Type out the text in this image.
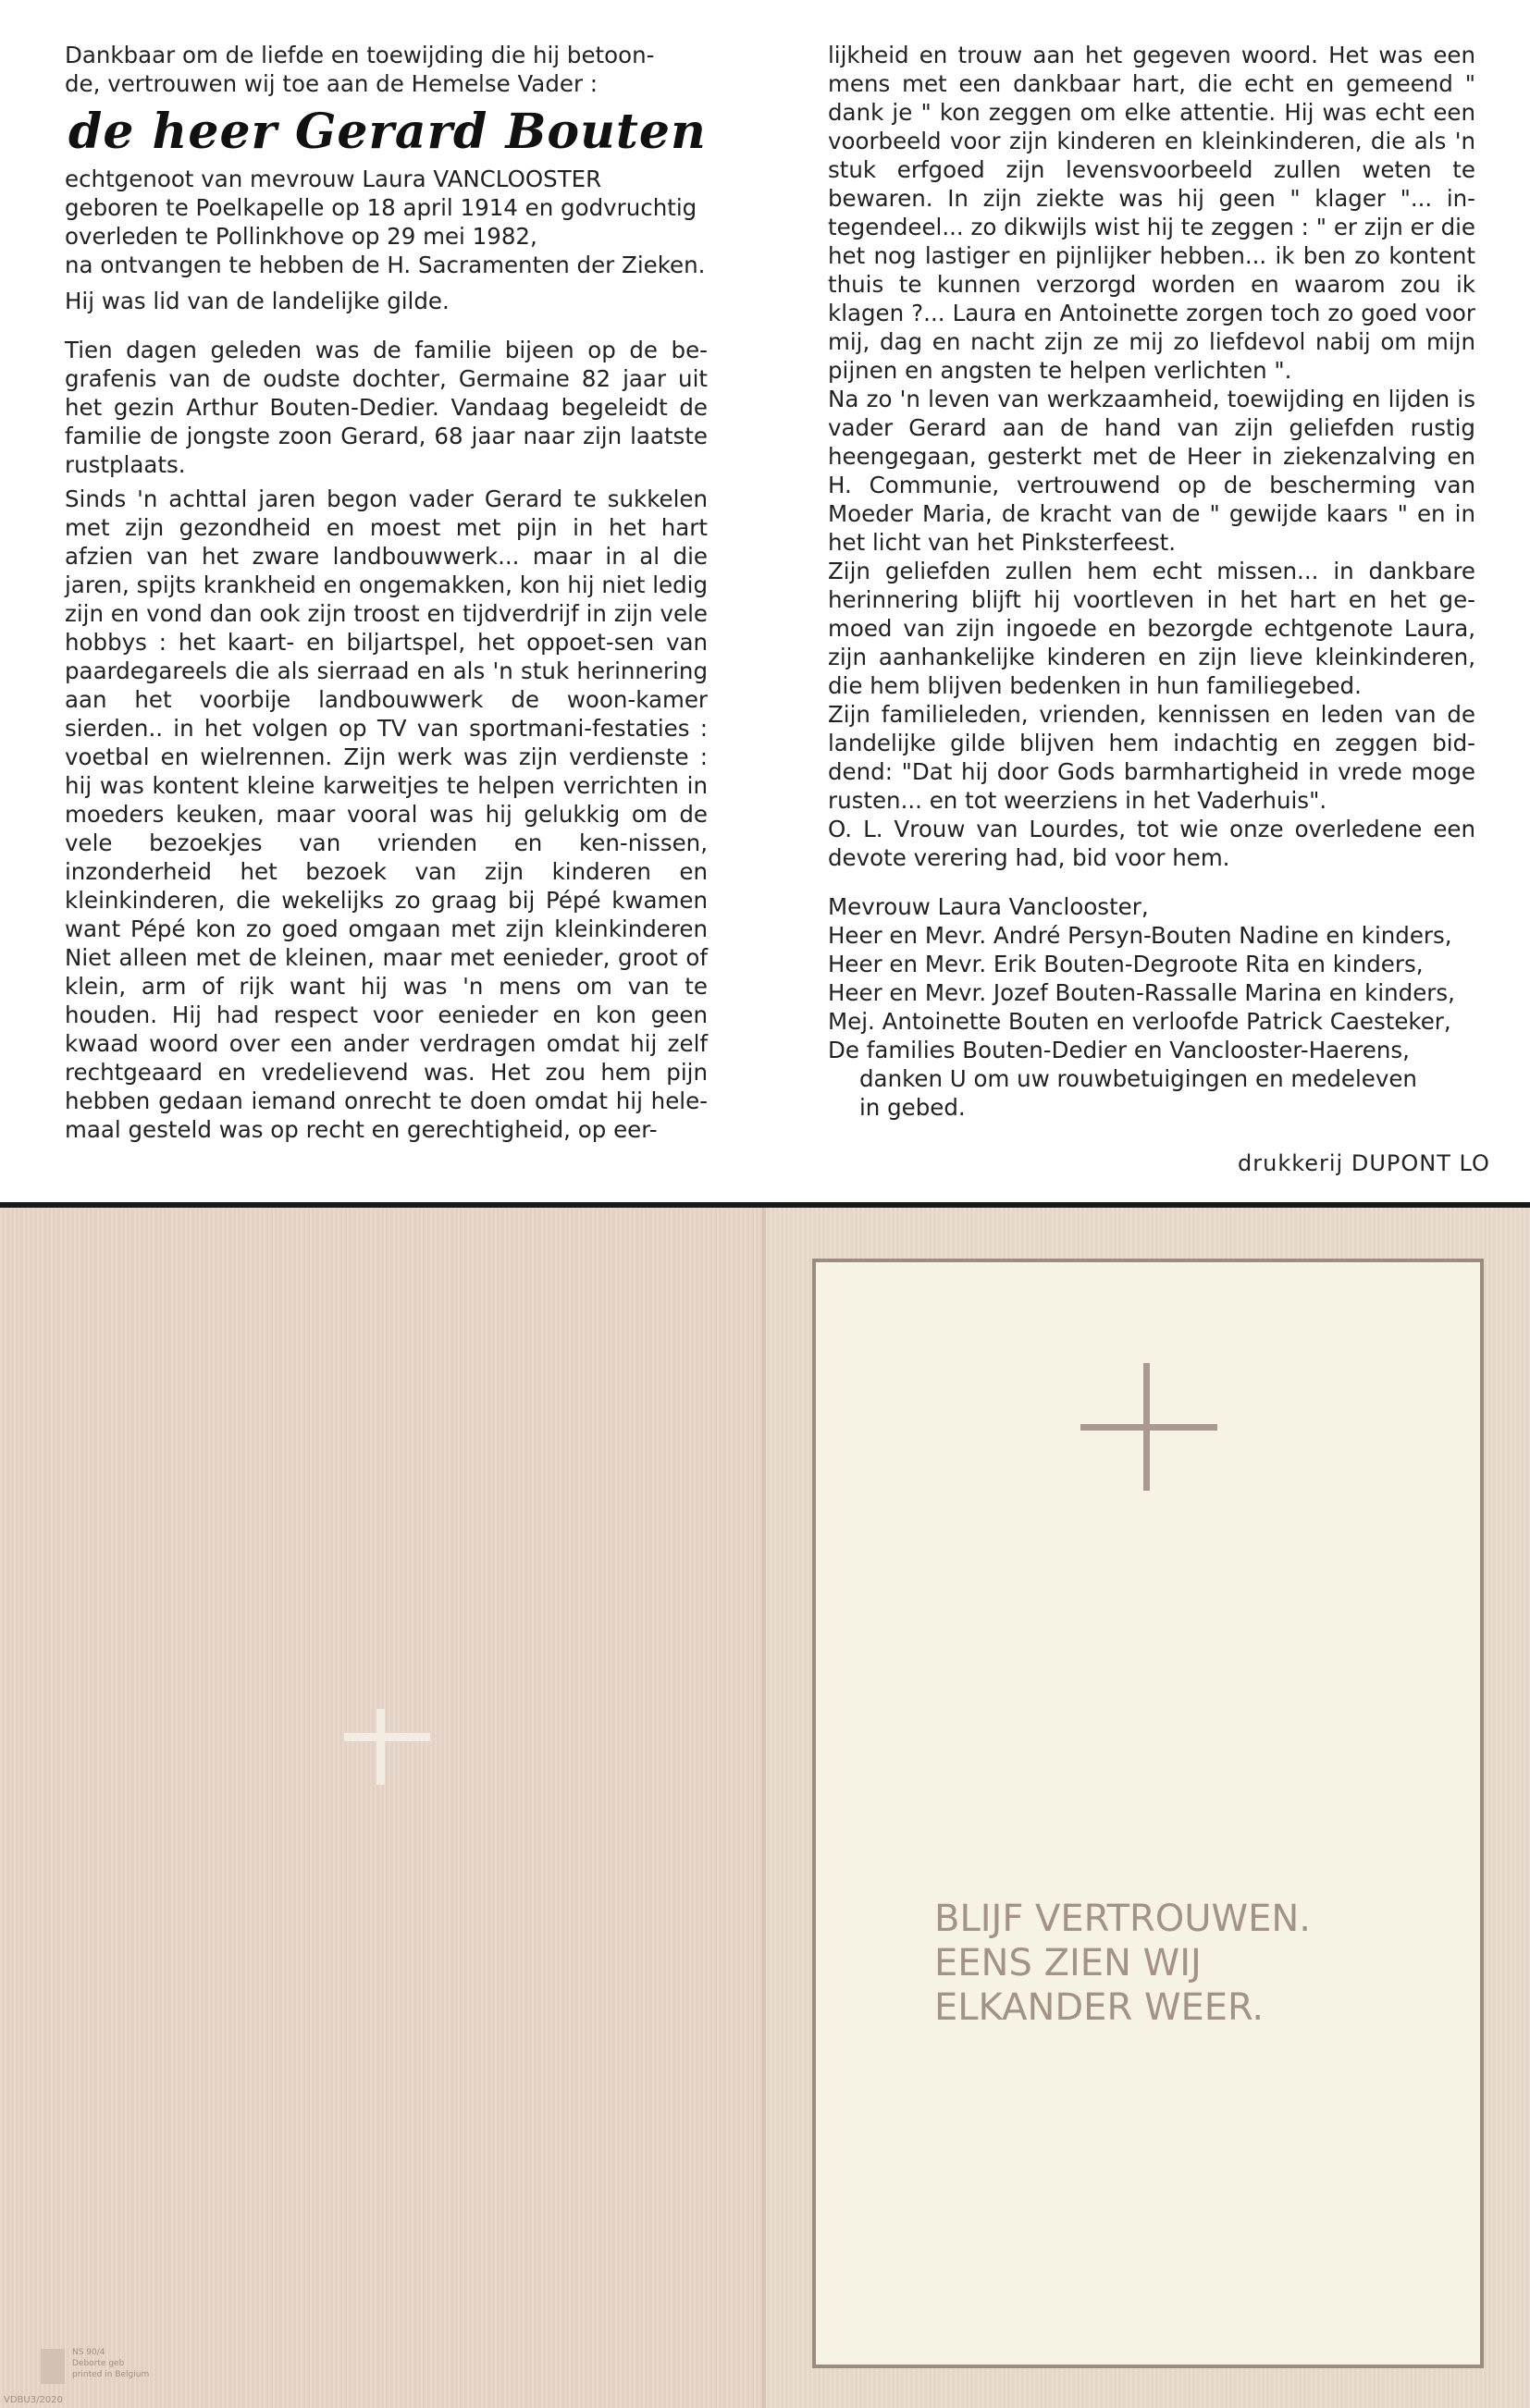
Dankbaar om de liefde en toewijding die hij betoon-

de, vertrouwen wij toe aan de Hemelse Vader :

de heer Gerard Bouten

echtgenoot van mevrouw Laura VANCLOOSTER

geboren te Poelkapelle op 18 april 1914 en godvruchtig

overleden te Pollinkhove op 29 mei 1982,

na ontvangen te hebben de H. Sacramenten der Zieken.

Hij was lid van de landelijke gilde.

Tien dagen geleden was de familie bijeen op de be-grafenis van de oudste dochter, Germaine 82 jaar uit het gezin Arthur Bouten-Dedier. Vandaag begeleidt de familie de jongste zoon Gerard, 68 jaar naar zijn laatste rustplaats.

Sinds 'n achttal jaren begon vader Gerard te sukkelen met zijn gezondheid en moest met pijn in het hart afzien van het zware landbouwwerk... maar in al die jaren, spijts krankheid en ongemakken, kon hij niet ledig zijn en vond dan ook zijn troost en tijdverdrijf in zijn vele hobbys : het kaart- en biljartspel, het oppoet-sen van paardegareels die als sierraad en als 'n stuk herinnering aan het voorbije landbouwwerk de woon-kamer sierden.. in het volgen op TV van sportmani-festaties : voetbal en wielrennen. Zijn werk was zijn verdienste : hij was kontent kleine karweitjes te helpen verrichten in moeders keuken, maar vooral was hij gelukkig om de vele bezoekjes van vrienden en ken-nissen, inzonderheid het bezoek van zijn kinderen en kleinkinderen, die wekelijks zo graag bij Pépé kwamen want Pépé kon zo goed omgaan met zijn kleinkinderen Niet alleen met de kleinen, maar met eenieder, groot of klein, arm of rijk want hij was 'n mens om van te houden. Hij had respect voor eenieder en kon geen kwaad woord over een ander verdragen omdat hij zelf rechtgeaard en vredelievend was. Het zou hem pijn hebben gedaan iemand onrecht te doen omdat hij hele-maal gesteld was op recht en gerechtigheid, op eer-

lijkheid en trouw aan het gegeven woord. Het was een mens met een dankbaar hart, die echt en gemeend " dank je " kon zeggen om elke attentie. Hij was echt een voorbeeld voor zijn kinderen en kleinkinderen, die als 'n stuk erfgoed zijn levensvoorbeeld zullen weten te bewaren. In zijn ziekte was hij geen " klager "... in-tegendeel... zo dikwijls wist hij te zeggen : " er zijn er die het nog lastiger en pijnlijker hebben... ik ben zo kontent thuis te kunnen verzorgd worden en waarom zou ik klagen ?... Laura en Antoinette zorgen toch zo goed voor mij, dag en nacht zijn ze mij zo liefdevol nabij om mijn pijnen en angsten te helpen verlichten ".

Na zo 'n leven van werkzaamheid, toewijding en lijden is vader Gerard aan de hand van zijn geliefden rustig heengegaan, gesterkt met de Heer in ziekenzalving en H. Communie, vertrouwend op de bescherming van Moeder Maria, de kracht van de " gewijde kaars " en in het licht van het Pinksterfeest.

Zijn geliefden zullen hem echt missen... in dankbare herinnering blijft hij voortleven in het hart en het ge-moed van zijn ingoede en bezorgde echtgenote Laura, zijn aanhankelijke kinderen en zijn lieve kleinkinderen, die hem blijven bedenken in hun familiegebed.

Zijn familieleden, vrienden, kennissen en leden van de landelijke gilde blijven hem indachtig en zeggen bid-dend: "Dat hij door Gods barmhartigheid in vrede moge rusten... en tot weerziens in het Vaderhuis".

O. L. Vrouw van Lourdes, tot wie onze overledene een devote verering had, bid voor hem.

Mevrouw Laura Vanclooster,

Heer en Mevr. André Persyn-Bouten Nadine en kinders,

Heer en Mevr. Erik Bouten-Degroote Rita en kinders,

Heer en Mevr. Jozef Bouten-Rassalle Marina en kinders,

Mej. Antoinette Bouten en verloofde Patrick Caesteker,

De families Bouten-Dedier en Vanclooster-Haerens,

danken U om uw rouwbetuigingen en medeleven

in gebed.

drukkerij DUPONT LO
BLIJF VERTROUWEN.
EENS ZIEN WIJ
ELKANDER WEER.
NS 90/4
Deborte geb
printed in Belgium
VDBU3/2020
